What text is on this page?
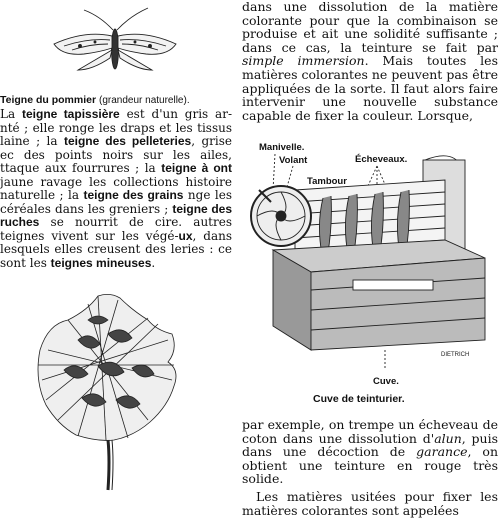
Teigne du pommier (grandeur naturelle).

La teigne tapissière est d'un gris ar-nté ; elle ronge les draps et les tissus laine ; la teigne des pelleteries, grise ec des points noirs sur les ailes, ttaque aux fourrures ; la teigne à ont jaune ravage les collections histoire naturelle ; la teigne des grains nge les céréales dans les greniers ; teigne des ruches se nourrit de cire. autres teignes vivent sur les végé-ux, dans lesquels elles creusent des leries : ce sont les teignes mineuses.

dans une dissolution de la matière colorante pour que la combinaison se produise et ait une solidité suffisante ; dans ce cas, la teinture se fait par simple immersion. Mais toutes les matières colorantes ne peuvent pas être appliquées de la sorte. Il faut alors faire intervenir une nouvelle substance capable de fixer la couleur. Lorsque,

Manivelle.
Volant	Écheveaux.
Tambour
DIETRICH
Cuve.
Cuve de teinturier.

par exemple, on trempe un écheveau de coton dans une dissolution d'alun, puis dans une décoction de garance, on obtient une teinture en rouge très solide.

Les matières usitées pour fixer les matières colorantes sont appelées
